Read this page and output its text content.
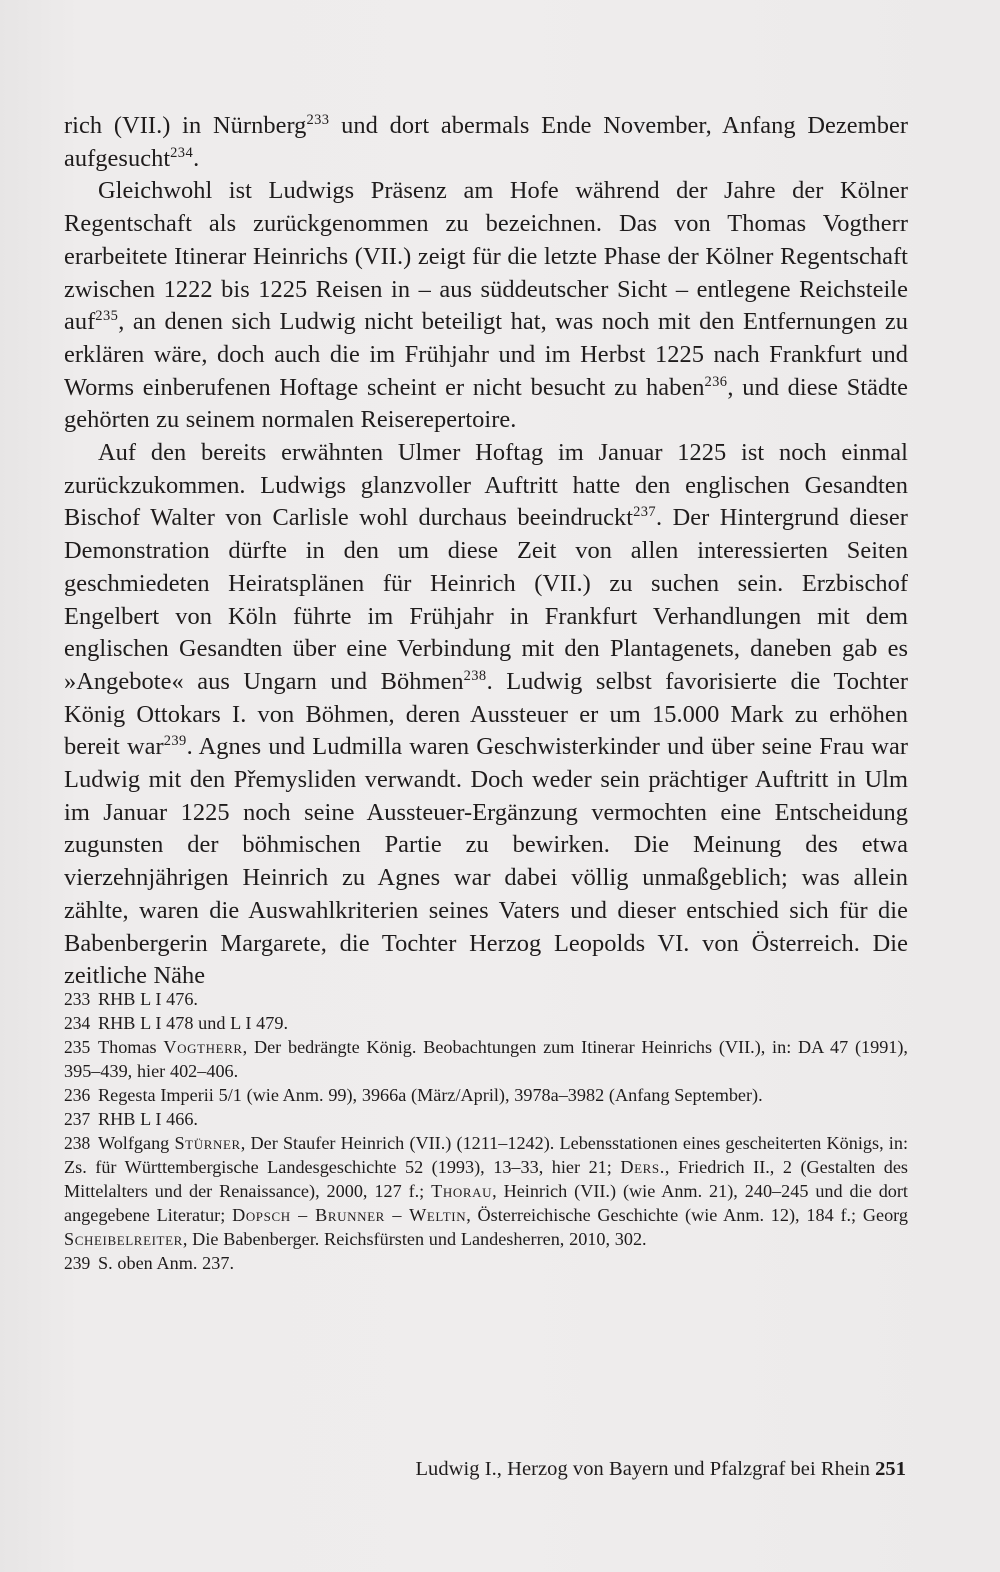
rich (VII.) in Nürnberg$^{233}$ und dort abermals Ende November, Anfang Dezember aufgesucht$^{234}$.

Gleichwohl ist Ludwigs Präsenz am Hofe während der Jahre der Kölner Regentschaft als zurückgenommen zu bezeichnen. Das von Thomas Vogtherr erarbeitete Itinerar Heinrichs (VII.) zeigt für die letzte Phase der Kölner Regentschaft zwischen 1222 bis 1225 Reisen in – aus süddeutscher Sicht – entlegene Reichsteile auf$^{235}$, an denen sich Ludwig nicht beteiligt hat, was noch mit den Entfernungen zu erklären wäre, doch auch die im Frühjahr und im Herbst 1225 nach Frankfurt und Worms einberufenen Hoftage scheint er nicht besucht zu haben$^{236}$, und diese Städte gehörten zu seinem normalen Reiserepertoire.

Auf den bereits erwähnten Ulmer Hoftag im Januar 1225 ist noch einmal zurückzukommen. Ludwigs glanzvoller Auftritt hatte den englischen Gesandten Bischof Walter von Carlisle wohl durchaus beeindruckt$^{237}$. Der Hintergrund dieser Demonstration dürfte in den um diese Zeit von allen interessierten Seiten geschmiedeten Heiratsplänen für Heinrich (VII.) zu suchen sein. Erzbischof Engelbert von Köln führte im Frühjahr in Frankfurt Verhandlungen mit dem englischen Gesandten über eine Verbindung mit den Plantagenets, daneben gab es »Angebote« aus Ungarn und Böhmen$^{238}$. Ludwig selbst favorisierte die Tochter König Ottokars I. von Böhmen, deren Aussteuer er um 15.000 Mark zu erhöhen bereit war$^{239}$. Agnes und Ludmilla waren Geschwisterkinder und über seine Frau war Ludwig mit den Přemysliden verwandt. Doch weder sein prächtiger Auftritt in Ulm im Januar 1225 noch seine Aussteuer-Ergänzung vermochten eine Entscheidung zugunsten der böhmischen Partie zu bewirken. Die Meinung des etwa vierzehnjährigen Heinrich zu Agnes war dabei völlig unmaßgeblich; was allein zählte, waren die Auswahlkriterien seines Vaters und dieser entschied sich für die Babenbergerin Margarete, die Tochter Herzog Leopolds VI. von Österreich. Die zeitliche Nähe

233 RHB L I 476.

234 RHB L I 478 und L I 479.

235 Thomas Vogtherr, Der bedrängte König. Beobachtungen zum Itinerar Heinrichs (VII.), in: DA 47 (1991), 395–439, hier 402–406.

236 Regesta Imperii 5/1 (wie Anm. 99), 3966a (März/April), 3978a–3982 (Anfang September).

237 RHB L I 466.

238 Wolfgang Stürner, Der Staufer Heinrich (VII.) (1211–1242). Lebensstationen eines gescheiterten Königs, in: Zs. für Württembergische Landesgeschichte 52 (1993), 13–33, hier 21; Ders., Friedrich II., 2 (Gestalten des Mittelalters und der Renaissance), 2000, 127 f.; Thorau, Heinrich (VII.) (wie Anm. 21), 240–245 und die dort angegebene Literatur; Dopsch – Brunner – Weltin, Österreichische Geschichte (wie Anm. 12), 184 f.; Georg Scheibelreiter, Die Babenberger. Reichsfürsten und Landesherren, 2010, 302.

239 S. oben Anm. 237.

Ludwig I., Herzog von Bayern und Pfalzgraf bei Rhein 251
